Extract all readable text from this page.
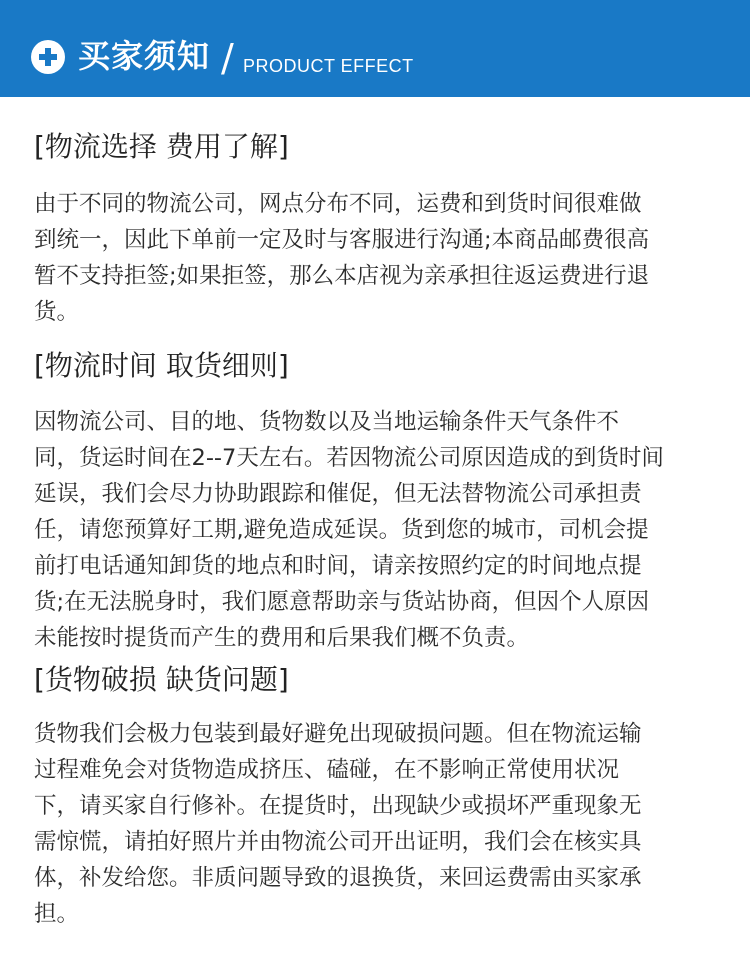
买家须知 / PRODUCT EFFECT
[物流选择 费用了解]
由于不同的物流公司，网点分布不同，运费和到货时间很难做
到统一，因此下单前一定及时与客服进行沟通;本商品邮费很高
暂不支持拒签;如果拒签，那么本店视为亲承担往返运费进行退
货。
[物流时间 取货细则]
因物流公司、目的地、货物数以及当地运输条件天气条件不
同，货运时间在2--7天左右。若因物流公司原因造成的到货时间
延误，我们会尽力协助跟踪和催促，但无法替物流公司承担责
任，请您预算好工期,避免造成延误。货到您的城市，司机会提
前打电话通知卸货的地点和时间，请亲按照约定的时间地点提
货;在无法脱身时，我们愿意帮助亲与货站协商，但因个人原因
未能按时提货而产生的费用和后果我们概不负责。
[货物破损 缺货问题]
货物我们会极力包装到最好避免出现破损问题。但在物流运输
过程难免会对货物造成挤压、磕碰，在不影响正常使用状况
下，请买家自行修补。在提货时，出现缺少或损坏严重现象无
需惊慌，请拍好照片并由物流公司开出证明，我们会在核实具
体，补发给您。非质问题导致的退换货，来回运费需由买家承
担。
